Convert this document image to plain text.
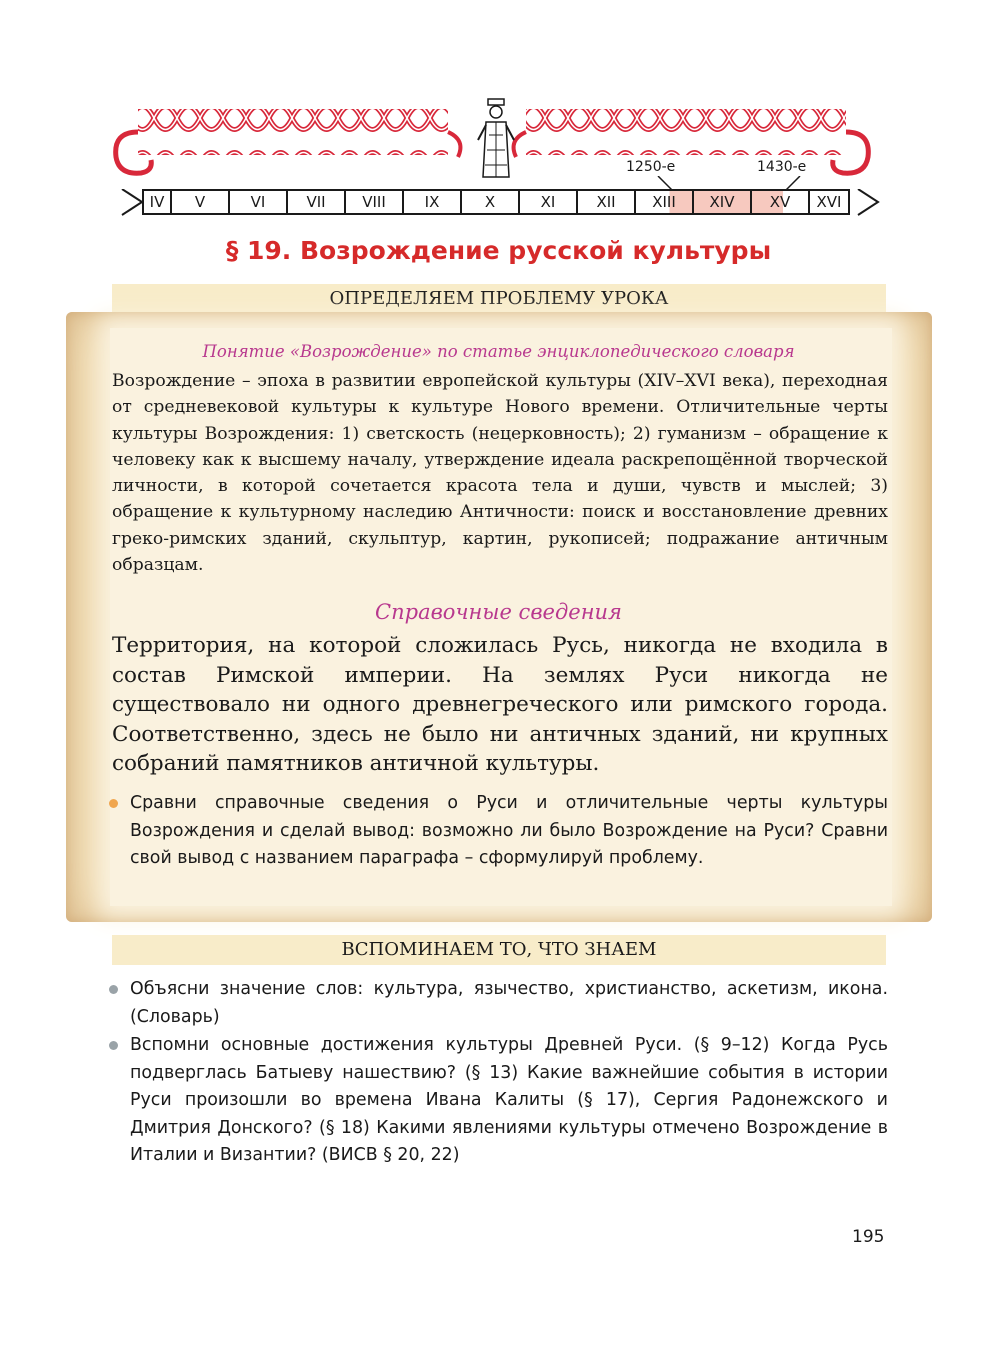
IV	V	VI	VII	VIII	IX	X	XI	XII	XIII	XIV	XV	XVI
1250-е	1430-е
§ 19. Возрождение русской культуры
ОПРЕДЕЛЯЕМ ПРОБЛЕМУ УРОКА
Понятие «Возрождение» по статье энциклопедического словаря
Возрождение – эпоха в развитии европейской культуры (XIV–XVI века), переходная от средневековой культуры к культуре Нового времени. Отличительные черты культуры Возрождения: 1) светскость (нецерковность); 2) гуманизм – обращение к человеку как к высшему началу, утверждение идеала раскрепощённой творческой личности, в которой сочетается красота тела и души, чувств и мыслей; 3) обращение к культурному наследию Античности: поиск и восстановление древних греко-римских зданий, скульптур, картин, рукописей; подражание античным образцам.
Справочные сведения
Территория, на которой сложилась Русь, никогда не входила в состав Римской империи. На землях Руси никогда не существовало ни одного древнегреческого или римского города. Соответственно, здесь не было ни античных зданий, ни крупных собраний памятников античной культуры.
Сравни справочные сведения о Руси и отличительные черты культуры Возрождения и сделай вывод: возможно ли было Возрождение на Руси? Сравни свой вывод с названием параграфа – сформулируй проблему.
ВСПОМИНАЕМ ТО, ЧТО ЗНАЕМ
Объясни значение слов: культура, язычество, христианство, аскетизм, икона. (Словарь)
Вспомни основные достижения культуры Древней Руси. (§ 9–12) Когда Русь подверглась Батыеву нашествию? (§ 13) Какие важнейшие события в истории Руси произошли во времена Ивана Калиты (§ 17), Сергия Радонежского и Дмитрия Донского? (§ 18) Какими явлениями культуры отмечено Возрождение в Италии и Византии? (ВИСВ § 20, 22)
195
